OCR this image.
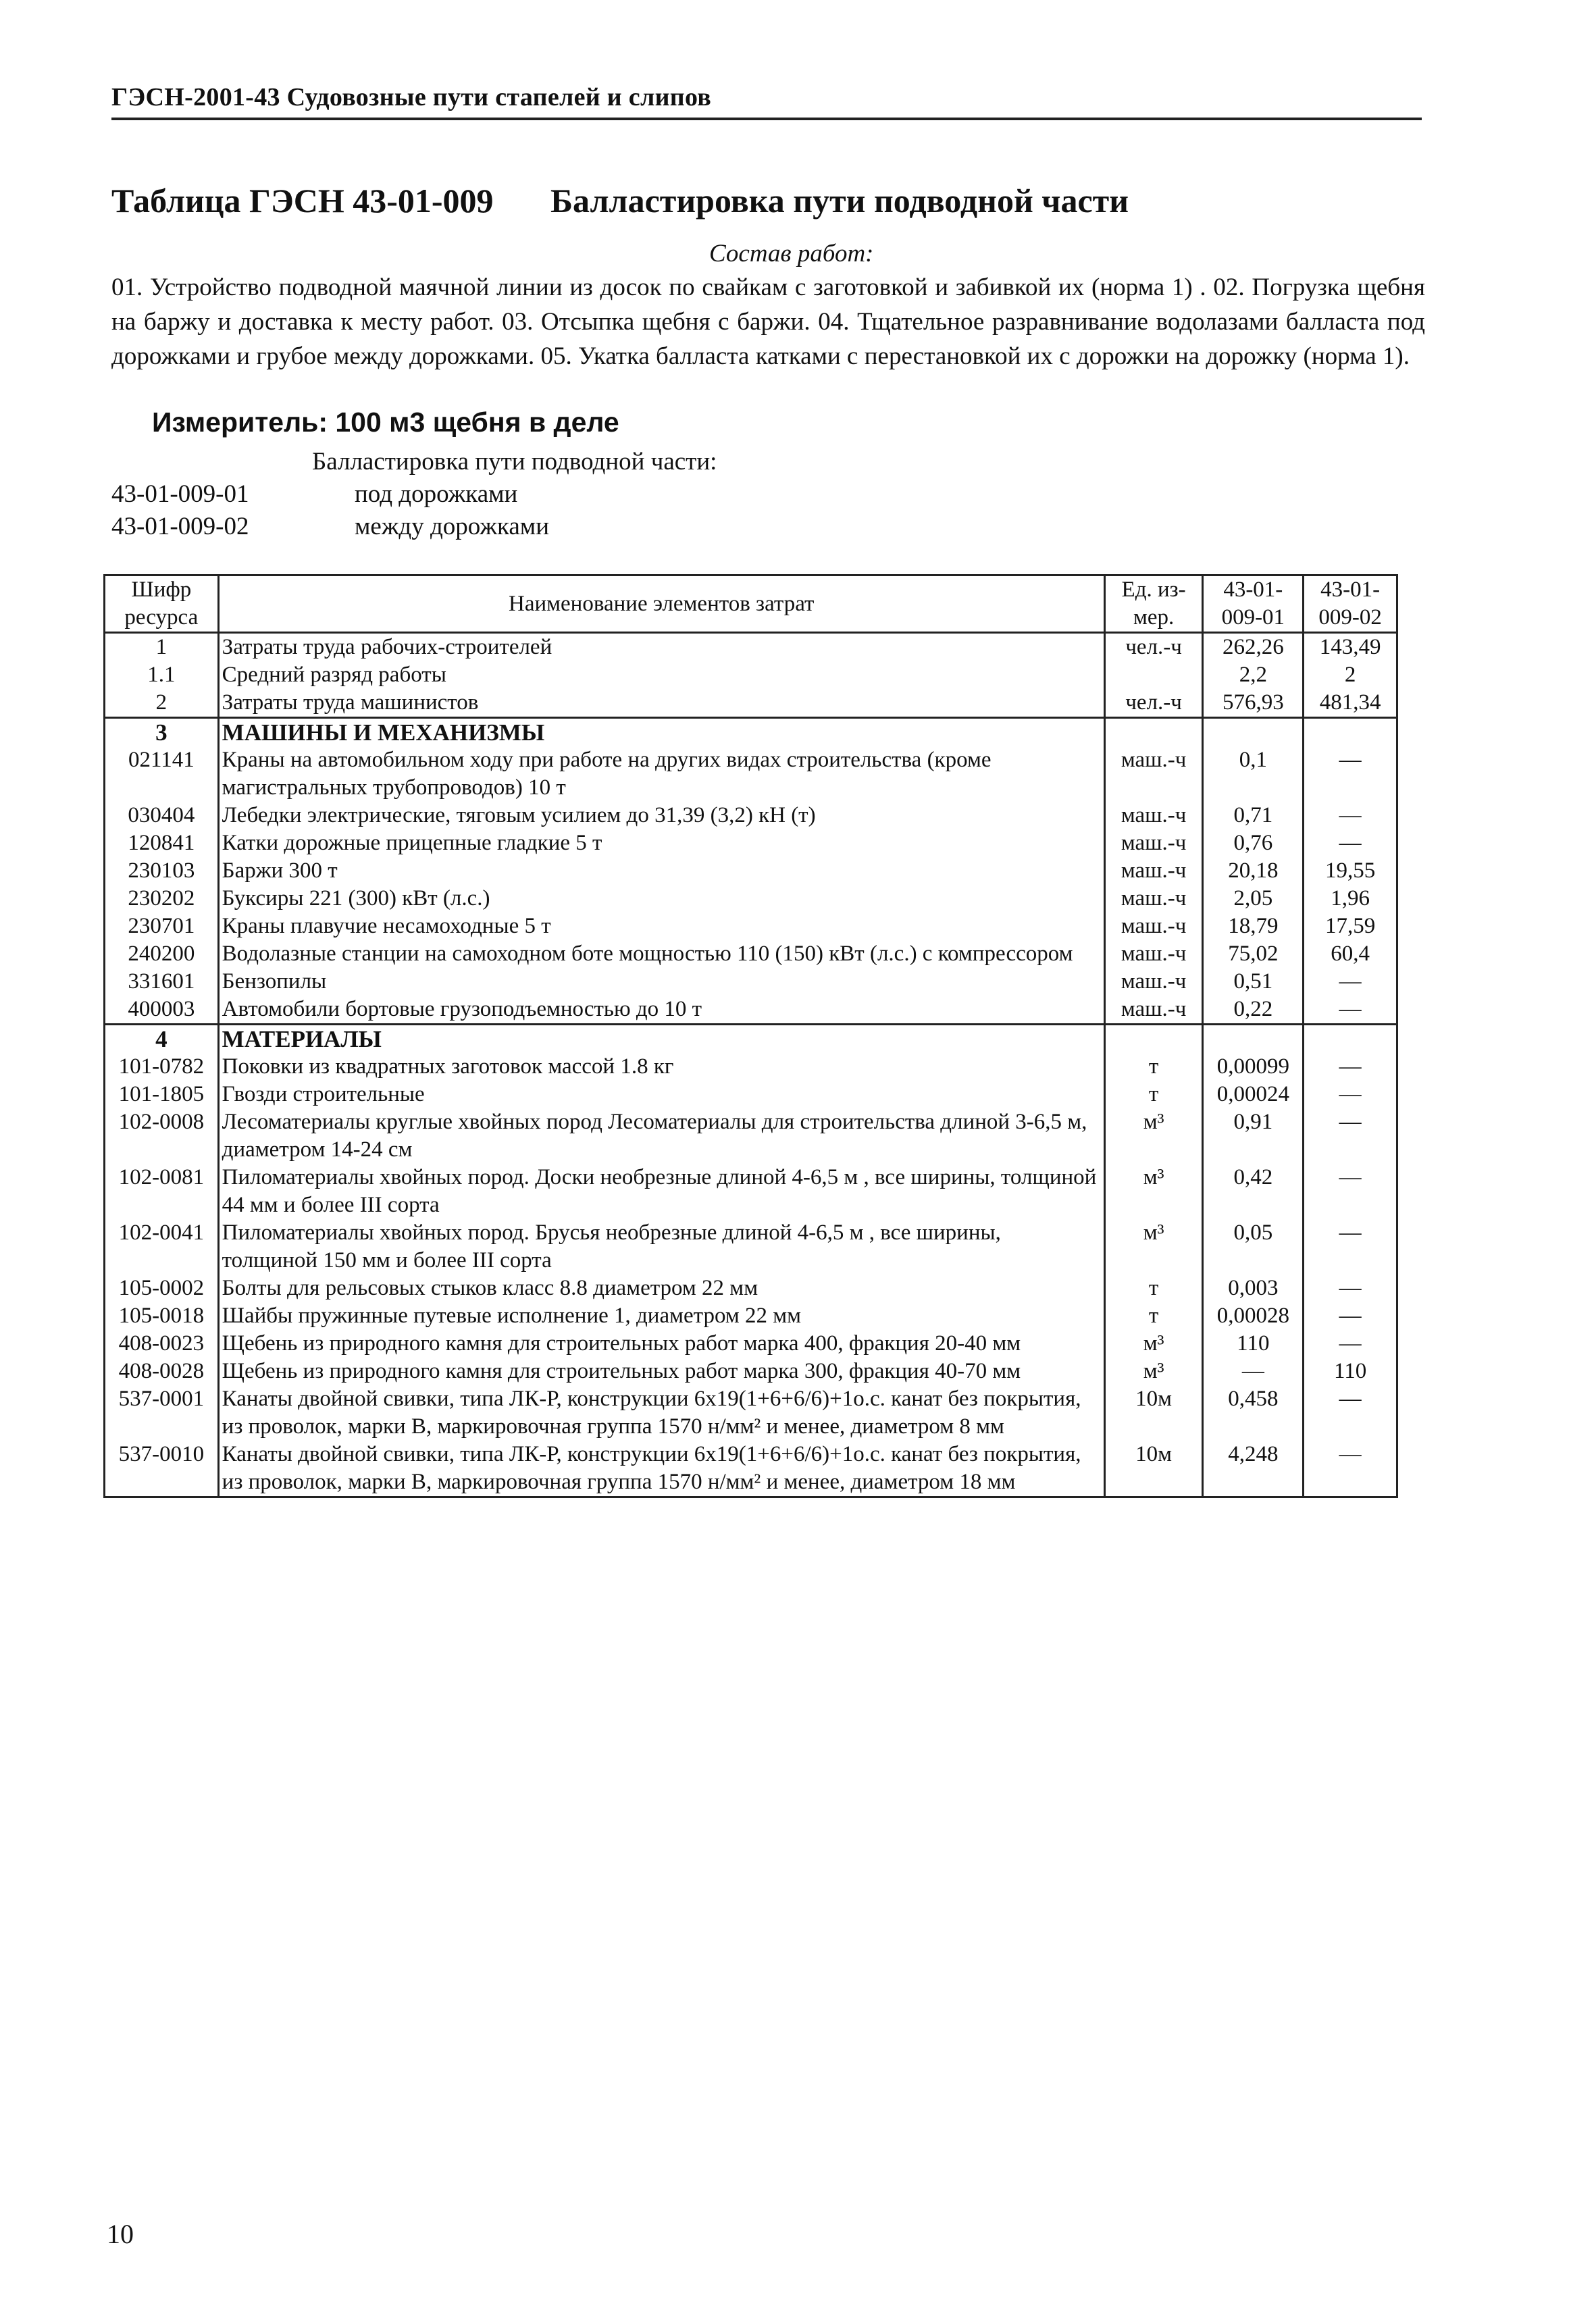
ГЭСН-2001-43 Судовозные пути стапелей и слипов
Таблица ГЭСН 43-01-009 Балластировка пути подводной части
Состав работ:
01. Устройство подводной маячной линии из досок по свайкам с заготовкой и забивкой их (норма 1) . 02. Погрузка щебня на баржу и доставка к месту работ. 03. Отсыпка щебня с баржи. 04. Тщательное разравнивание водолазами балласта под дорожками и грубое между дорожками. 05. Укатка балласта катками с перестановкой их с дорожки на дорожку (норма 1).
Измеритель: 100 м3 щебня в деле
Балластировка пути подводной части:
43-01-009-01	под дорожками
43-01-009-02	между дорожками
Шифр ресурса	Наименование элементов затрат	Ед. из-мер.	43-01-009-01	43-01-009-02
1	Затраты труда рабочих-строителей	чел.-ч	262,26	143,49
1.1	Средний разряд работы		2,2	2
2	Затраты труда машинистов	чел.-ч	576,93	481,34
3	МАШИНЫ И МЕХАНИЗМЫ			
021141	Краны на автомобильном ходу при работе на других видах строительства (кроме магистральных трубопроводов) 10 т	маш.-ч	0,1	—
030404	Лебедки электрические, тяговым усилием до 31,39 (3,2) кН (т)	маш.-ч	0,71	—
120841	Катки дорожные прицепные гладкие 5 т	маш.-ч	0,76	—
230103	Баржи 300 т	маш.-ч	20,18	19,55
230202	Буксиры 221 (300) кВт (л.с.)	маш.-ч	2,05	1,96
230701	Краны плавучие несамоходные 5 т	маш.-ч	18,79	17,59
240200	Водолазные станции на самоходном боте мощностью 110 (150) кВт (л.с.) с компрессором	маш.-ч	75,02	60,4
331601	Бензопилы	маш.-ч	0,51	—
400003	Автомобили бортовые грузоподъемностью до 10 т	маш.-ч	0,22	—
4	МАТЕРИАЛЫ			
101-0782	Поковки из квадратных заготовок массой 1.8 кг	т	0,00099	—
101-1805	Гвозди строительные	т	0,00024	—
102-0008	Лесоматериалы круглые хвойных пород Лесоматериалы для строительства длиной 3-6,5 м, диаметром 14-24 см	м³	0,91	—
102-0081	Пиломатериалы хвойных пород. Доски необрезные длиной 4-6,5 м , все ширины, толщиной 44 мм и более III сорта	м³	0,42	—
102-0041	Пиломатериалы хвойных пород. Брусья необрезные длиной 4-6,5 м , все ширины, толщиной 150 мм и более III сорта	м³	0,05	—
105-0002	Болты для рельсовых стыков класс 8.8 диаметром 22 мм	т	0,003	—
105-0018	Шайбы пружинные путевые исполнение 1, диаметром 22 мм	т	0,00028	—
408-0023	Щебень из природного камня для строительных работ марка 400, фракция 20-40 мм	м³	110	—
408-0028	Щебень из природного камня для строительных работ марка 300, фракция 40-70 мм	м³	—	110
537-0001	Канаты двойной свивки, типа ЛК-Р, конструкции 6х19(1+6+6/6)+1о.с. канат без покрытия, из проволок, марки В, маркировочная группа 1570 н/мм² и менее, диаметром 8 мм	10м	0,458	—
537-0010	Канаты двойной свивки, типа ЛК-Р, конструкции 6х19(1+6+6/6)+1о.с. канат без покрытия, из проволок, марки В, маркировочная группа 1570 н/мм² и менее, диаметром 18 мм	10м	4,248	—
10
